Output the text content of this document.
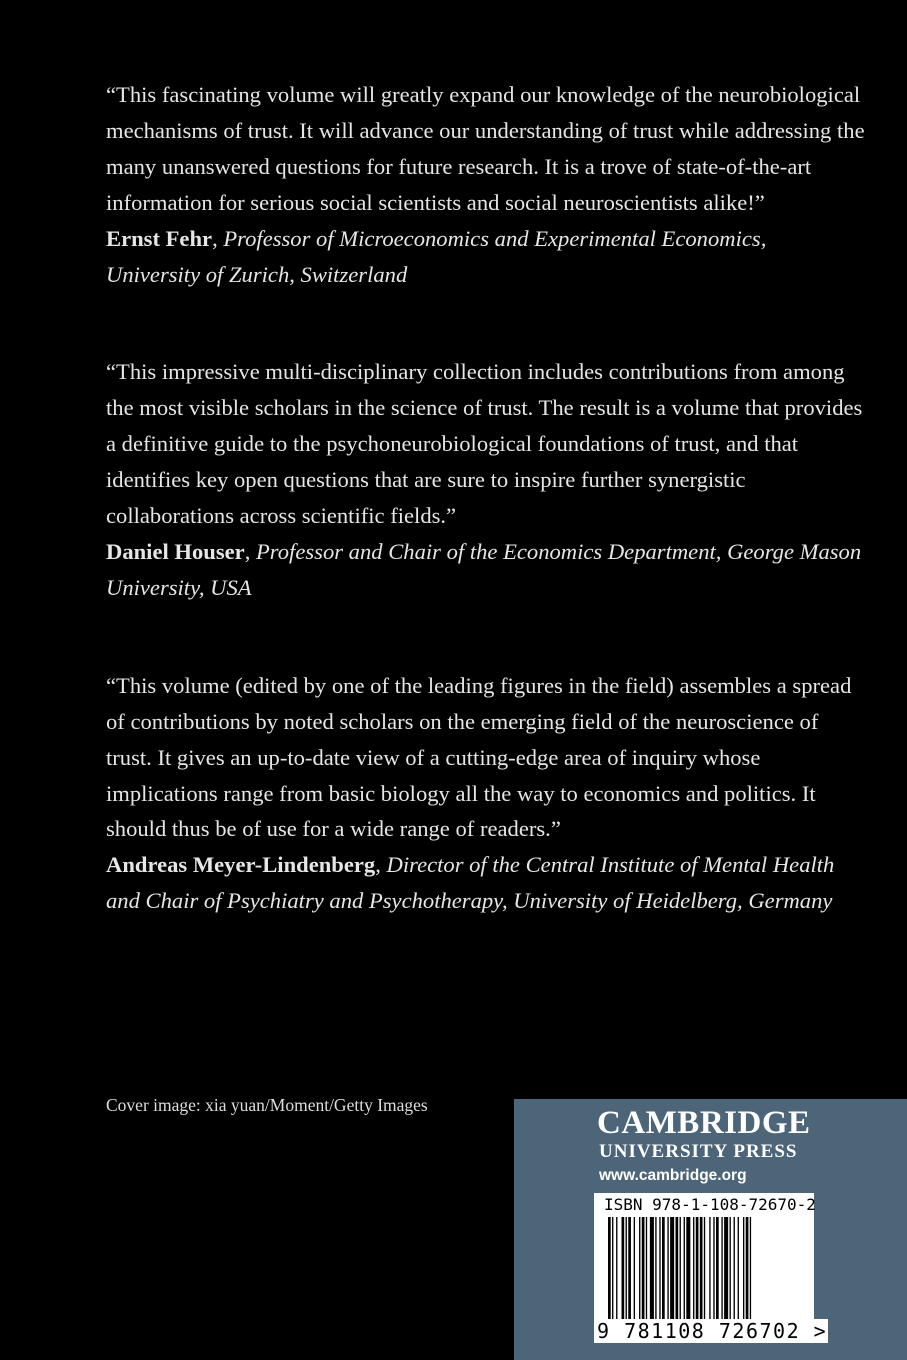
“This fascinating volume will greatly expand our knowledge of the neurobiological mechanisms of trust. It will advance our understanding of trust while addressing the many unanswered questions for future research. It is a trove of state-of-the-art information for serious social scientists and social neuroscientists alike!”

Ernst Fehr, Professor of Microeconomics and Experimental Economics, University of Zurich, Switzerland

“This impressive multi-disciplinary collection includes contributions from among the most visible scholars in the science of trust. The result is a volume that provides a definitive guide to the psychoneurobiological foundations of trust, and that identifies key open questions that are sure to inspire further synergistic collaborations across scientific fields.”

Daniel Houser, Professor and Chair of the Economics Department, George Mason University, USA

“This volume (edited by one of the leading figures in the field) assembles a spread of contributions by noted scholars on the emerging field of the neuroscience of trust. It gives an up-to-date view of a cutting-edge area of inquiry whose implications range from basic biology all the way to economics and politics. It should thus be of use for a wide range of readers.”

Andreas Meyer-Lindenberg, Director of the Central Institute of Mental Health and Chair of Psychiatry and Psychotherapy, University of Heidelberg, Germany

Cover image: xia yuan/Moment/Getty Images	CAMBRIDGE
UNIVERSITY PRESS
www.cambridge.org
ISBN 978-1-108-72670-2
9 781108 726702 >
